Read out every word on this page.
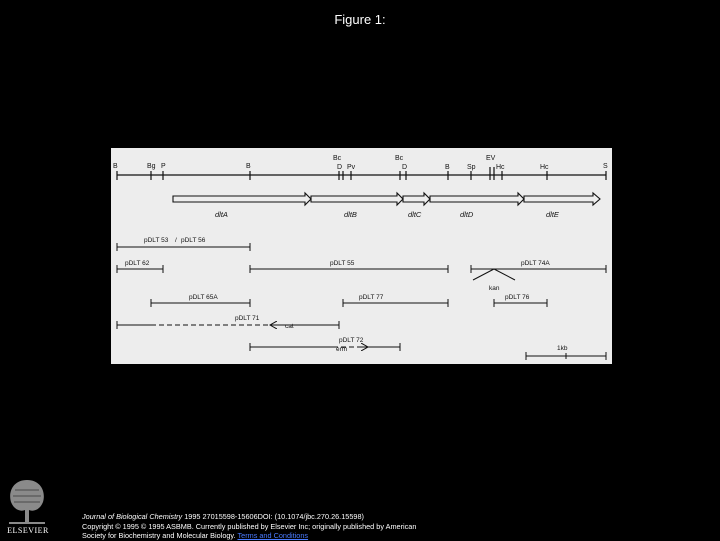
Figure 1:
B	Bg P	B
Bc
D Pv
Bc
D	B Sp
EV
Hc	Hc	S
dltA	dltB	dltC	dltD	dltE
pDLT 53 / pDLT 56
pDLT 62	pDLT 55	pDLT 74A
kan
pDLT 65A	pDLT 77	pDLT 76
pDLT 71
cat
pDLT 72
erm	1kb
ELSEVIER
Journal of Biological Chemistry 1995 27015598-15606DOI: (10.1074/jbc.270.26.15598)
Copyright © 1995 © 1995 ASBMB. Currently published by Elsevier Inc; originally published by American
Society for Biochemistry and Molecular Biology. Terms and Conditions
